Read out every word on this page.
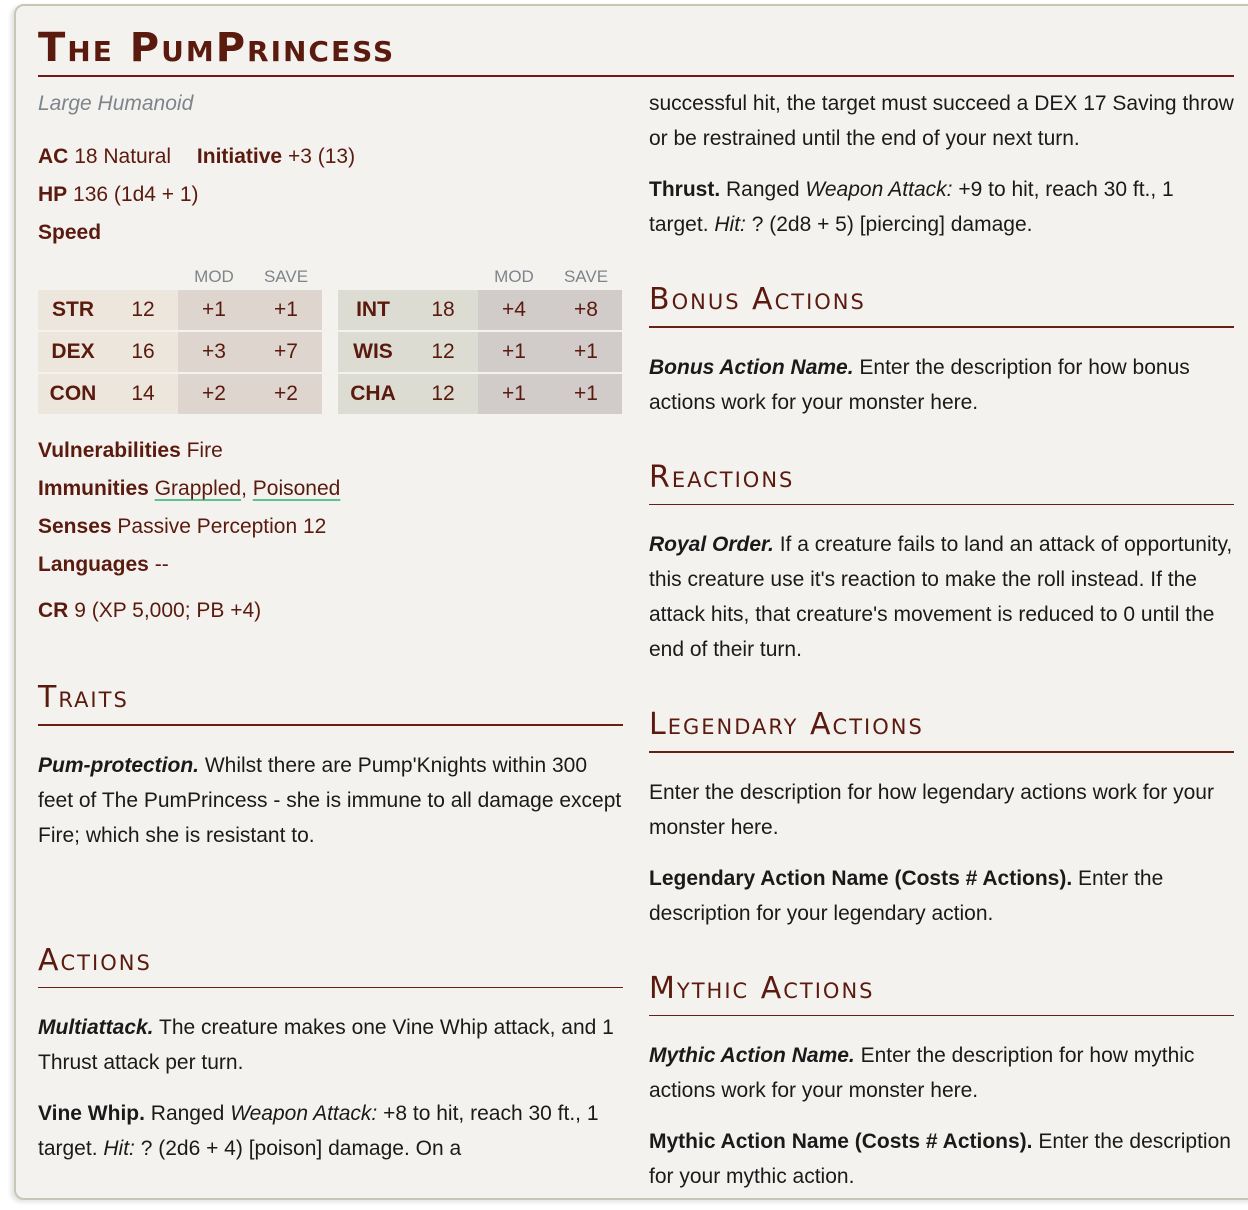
The PumPrincess

Large Humanoid

AC 18 Natural Initiative +3 (13)

HP 136 (1d4 + 1)

Speed

		MOD	SAVE
STR	12	+1	+1
DEX	16	+3	+7
CON	14	+2	+2
		MOD	SAVE
INT	18	+4	+8
WIS	12	+1	+1
CHA	12	+1	+1

Vulnerabilities Fire

Immunities Grappled, Poisoned

Senses Passive Perception 12

Languages --

CR 9 (XP 5,000; PB +4)

Traits

Pum-protection. Whilst there are Pump'Knights within 300 feet of The PumPrincess - she is immune to all damage except Fire; which she is resistant to.

Actions

Multiattack. The creature makes one Vine Whip attack, and 1 Thrust attack per turn.

Vine Whip. Ranged Weapon Attack: +8 to hit, reach 30 ft., 1 target. Hit: ? (2d6 + 4) [poison] damage. On a

successful hit, the target must succeed a DEX 17 Saving throw or be restrained until the end of your next turn.

Thrust. Ranged Weapon Attack: +9 to hit, reach 30 ft., 1 target. Hit: ? (2d8 + 5) [piercing] damage.

Bonus Actions

Bonus Action Name. Enter the description for how bonus actions work for your monster here.

Reactions

Royal Order. If a creature fails to land an attack of opportunity, this creature use it's reaction to make the roll instead. If the attack hits, that creature's movement is reduced to 0 until the end of their turn.

Legendary Actions

Enter the description for how legendary actions work for your monster here.

Legendary Action Name (Costs # Actions). Enter the description for your legendary action.

Mythic Actions

Mythic Action Name. Enter the description for how mythic actions work for your monster here.

Mythic Action Name (Costs # Actions). Enter the description for your mythic action.
